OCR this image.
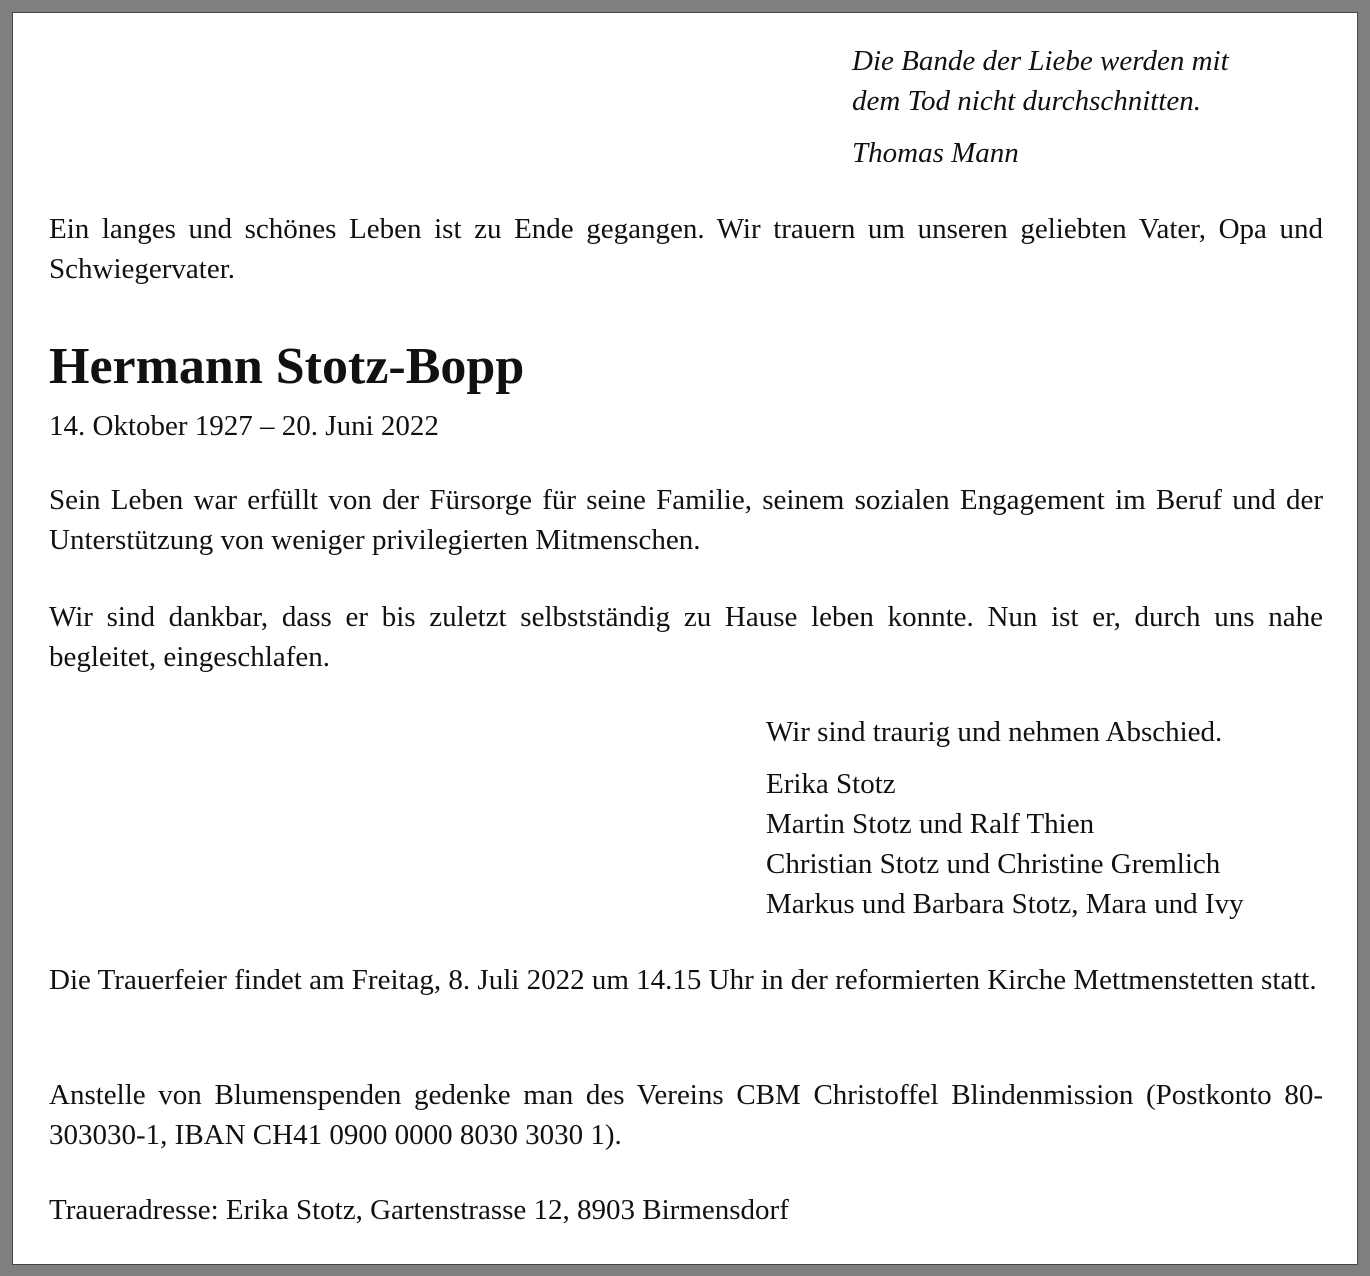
Die Bande der Liebe werden mit
dem Tod nicht durchschnitten.
Thomas Mann

Ein langes und schönes Leben ist zu Ende gegangen. Wir trauern um unseren geliebten Vater, Opa und Schwiegervater.

Hermann Stotz-Bopp

14. Oktober 1927 – 20. Juni 2022

Sein Leben war erfüllt von der Fürsorge für seine Familie, seinem sozialen Engagement im Beruf und der Unterstützung von weniger privilegierten Mitmenschen.

Wir sind dankbar, dass er bis zuletzt selbstständig zu Hause leben konnte. Nun ist er, durch uns nahe begleitet, eingeschlafen.

Wir sind traurig und nehmen Abschied.
Erika Stotz
Martin Stotz und Ralf Thien
Christian Stotz und Christine Gremlich
Markus und Barbara Stotz, Mara und Ivy

Die Trauerfeier findet am Freitag, 8. Juli 2022 um 14.15 Uhr in der reformierten Kirche Mettmenstetten statt.

Anstelle von Blumenspenden gedenke man des Vereins CBM Christoffel Blindenmission (Postkonto 80-303030-1, IBAN CH41 0900 0000 8030 3030 1).

Traueradresse: Erika Stotz, Gartenstrasse 12, 8903 Birmensdorf
